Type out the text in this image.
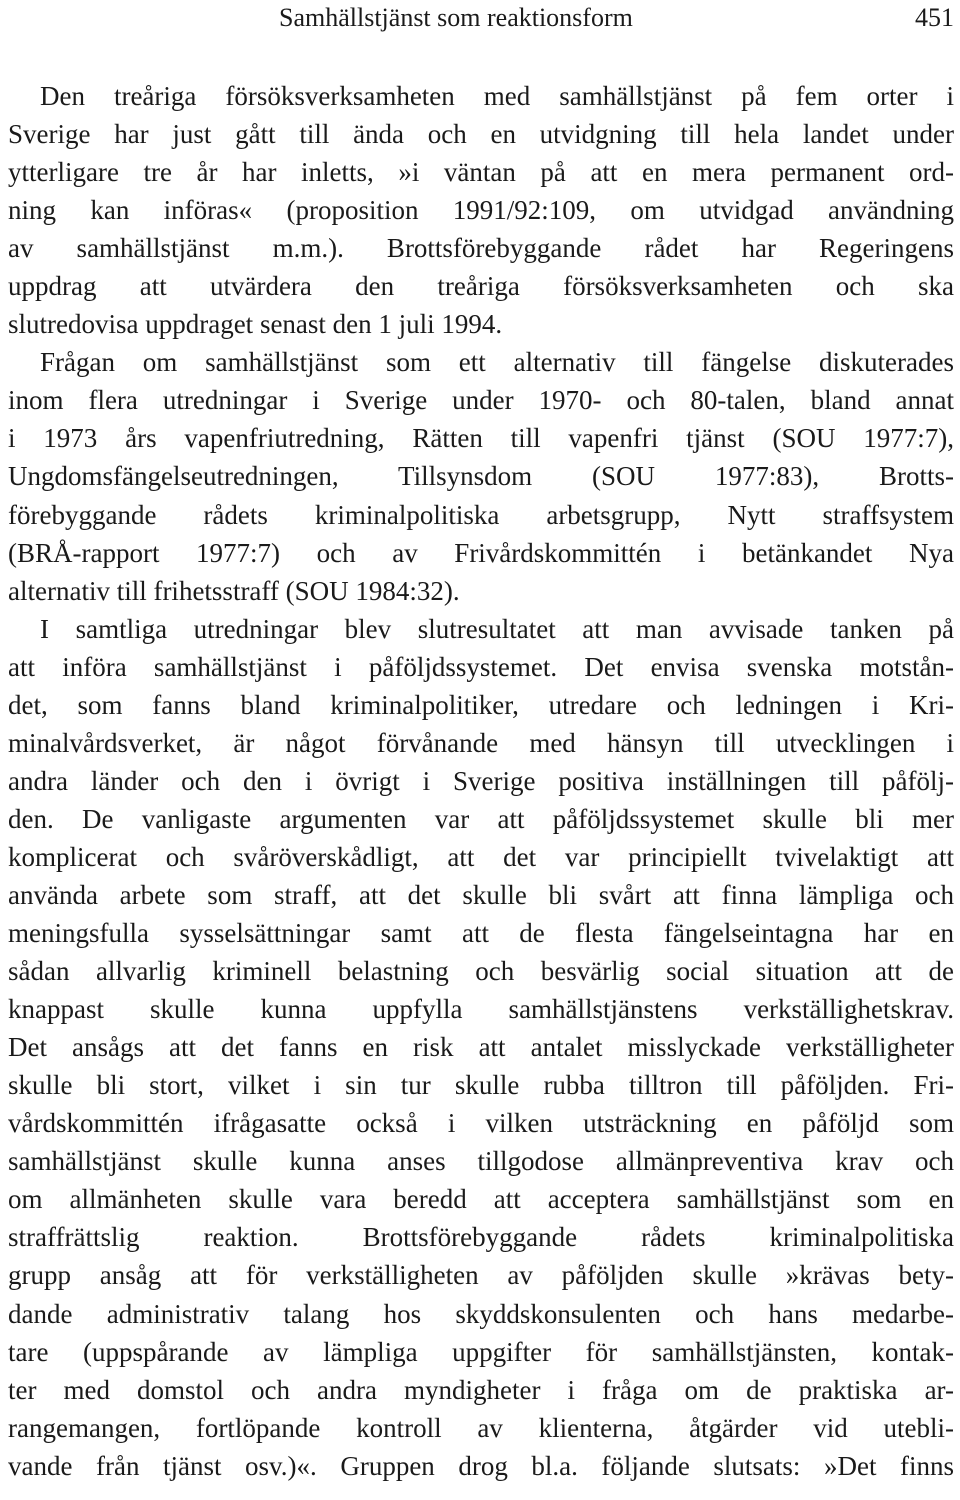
Samhällstjänst som reaktionsform	451
Den treåriga försöksverksamheten med samhällstjänst på fem orter i
Sverige har just gått till ända och en utvidgning till hela landet under
ytterligare tre år har inletts, »i väntan på att en mera permanent ord-
ning kan införas« (proposition 1991/92:109, om utvidgad användning
av samhällstjänst m.m.). Brottsförebyggande rådet har Regeringens
uppdrag att utvärdera den treåriga försöksverksamheten och ska
slutredovisa uppdraget senast den 1 juli 1994.
Frågan om samhällstjänst som ett alternativ till fängelse diskuterades
inom flera utredningar i Sverige under 1970- och 80-talen, bland annat
i 1973 års vapenfriutredning, Rätten till vapenfri tjänst (SOU 1977:7),
Ungdomsfängelseutredningen, Tillsynsdom (SOU 1977:83), Brotts-
förebyggande rådets kriminalpolitiska arbetsgrupp, Nytt straffsystem
(BRÅ-rapport 1977:7) och av Frivårdskommittén i betänkandet Nya
alternativ till frihetsstraff (SOU 1984:32).
I samtliga utredningar blev slutresultatet att man avvisade tanken på
att införa samhällstjänst i påföljdssystemet. Det envisa svenska motstån-
det, som fanns bland kriminalpolitiker, utredare och ledningen i Kri-
minalvårdsverket, är något förvånande med hänsyn till utvecklingen i
andra länder och den i övrigt i Sverige positiva inställningen till påfölj-
den. De vanligaste argumenten var att påföljdssystemet skulle bli mer
komplicerat och svåröverskådligt, att det var principiellt tvivelaktigt att
använda arbete som straff, att det skulle bli svårt att finna lämpliga och
meningsfulla sysselsättningar samt att de flesta fängelseintagna har en
sådan allvarlig kriminell belastning och besvärlig social situation att de
knappast skulle kunna uppfylla samhällstjänstens verkställighetskrav.
Det ansågs att det fanns en risk att antalet misslyckade verkställigheter
skulle bli stort, vilket i sin tur skulle rubba tilltron till påföljden. Fri-
vårdskommittén ifrågasatte också i vilken utsträckning en påföljd som
samhällstjänst skulle kunna anses tillgodose allmänpreventiva krav och
om allmänheten skulle vara beredd att acceptera samhällstjänst som en
straffrättslig reaktion. Brottsförebyggande rådets kriminalpolitiska
grupp ansåg att för verkställigheten av påföljden skulle »krävas bety-
dande administrativ talang hos skyddskonsulenten och hans medarbe-
tare (uppspårande av lämpliga uppgifter för samhällstjänsten, kontak-
ter med domstol och andra myndigheter i fråga om de praktiska ar-
rangemangen, fortlöpande kontroll av klienterna, åtgärder vid utebli-
vande från tjänst osv.)«. Gruppen drog bl.a. följande slutsats: »Det finns
